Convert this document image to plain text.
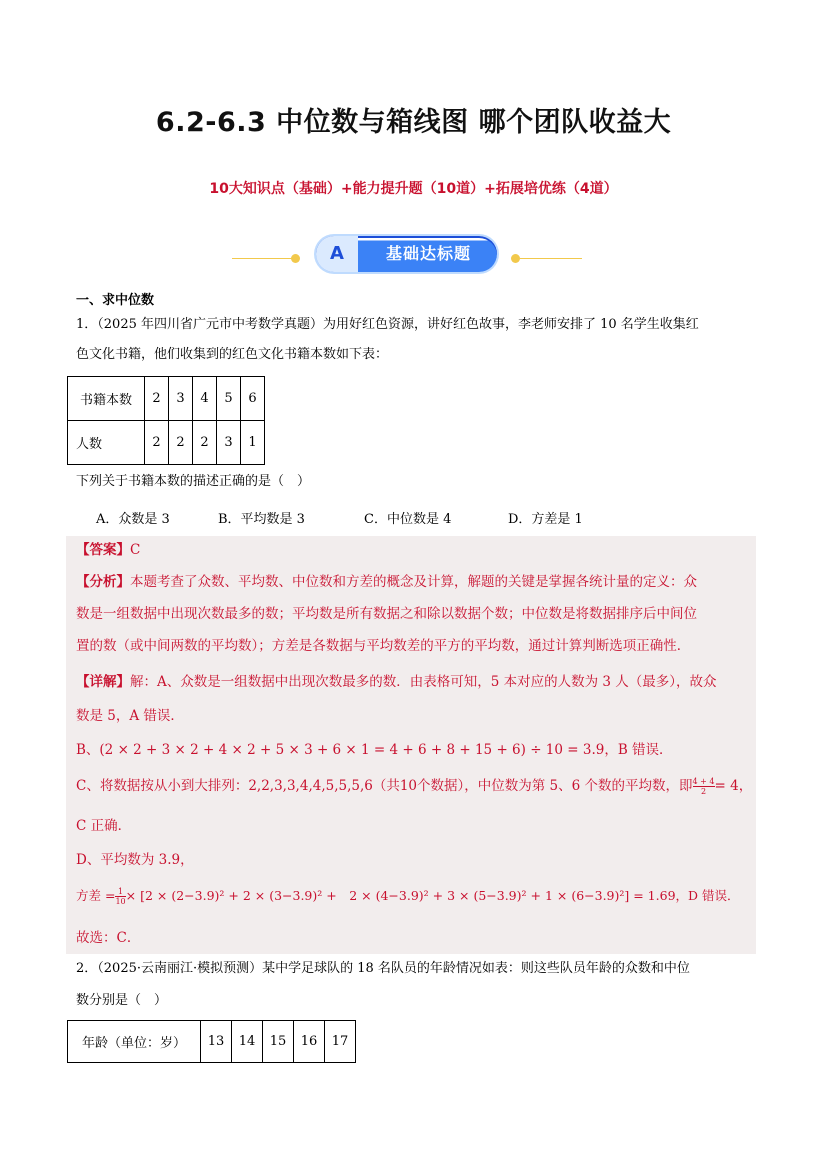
6.2-6.3 中位数与箱线图 哪个团队收益大
10大知识点（基础）+能力提升题（10道）+拓展培优练（4道）
A	基础达标题
一、求中位数
1．（2025 年四川省广元市中考数学真题）为用好红色资源，讲好红色故事，李老师安排了 10 名学生收集红
色文化书籍，他们收集到的红色文化书籍本数如下表：
书籍本数	2	3	4	5	6
人数	2	2	2	3	1
下列关于书籍本数的描述正确的是（　）
A．众数是 3	B．平均数是 3	C．中位数是 4	D．方差是 1
【答案】C
【分析】本题考查了众数、平均数、中位数和方差的概念及计算，解题的关键是掌握各统计量的定义：众
数是一组数据中出现次数最多的数；平均数是所有数据之和除以数据个数；中位数是将数据排序后中间位
置的数（或中间两数的平均数）；方差是各数据与平均数差的平方的平均数，通过计算判断选项正确性．
【详解】解：A、众数是一组数据中出现次数最多的数．由表格可知，5 本对应的人数为 3 人（最多），故众
数是 5，A 错误．
B、(2 × 2 + 3 × 2 + 4 × 2 + 5 × 3 + 6 × 1 = 4 + 6 + 8 + 15 + 6) ÷ 10 = 3.9，B 错误．
C、将数据按从小到大排列：2,2,3,3,4,4,5,5,5,6（共10个数据），中位数为第 5、6 个数的平均数，即 $\frac{4 + 4}{2} = 4$，
C 正确．
D、平均数为 3.9，
方差 = $\frac{1}{10} \times [2 \times (2-3.9)^2 + 2 \times (3-3.9)^2$ +　2 × (4−3.9)² + 3 × (5−3.9)² + 1 × (6−3.9)²] = 1.69，D 错误．
故选：C．
2．（2025·云南丽江·模拟预测）某中学足球队的 18 名队员的年龄情况如表：则这些队员年龄的众数和中位
数分别是（　）
年龄（单位：岁）	13	14	15	16	17
